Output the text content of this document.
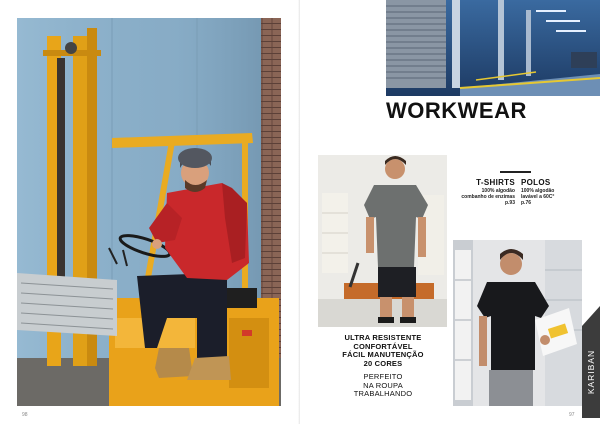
98
WORKWEAR
T-SHIRTS
100% algodão
combanho de enzimas
p.93
POLOS
100% algodão
lavável a 60C°
p.76
ULTRA RESISTENTE
CONFORTÁVEL
FÁCIL MANUTENÇÃO
20 CORES
PERFEITO
NA ROUPA
TRABALHANDO	KARIBAN
97
